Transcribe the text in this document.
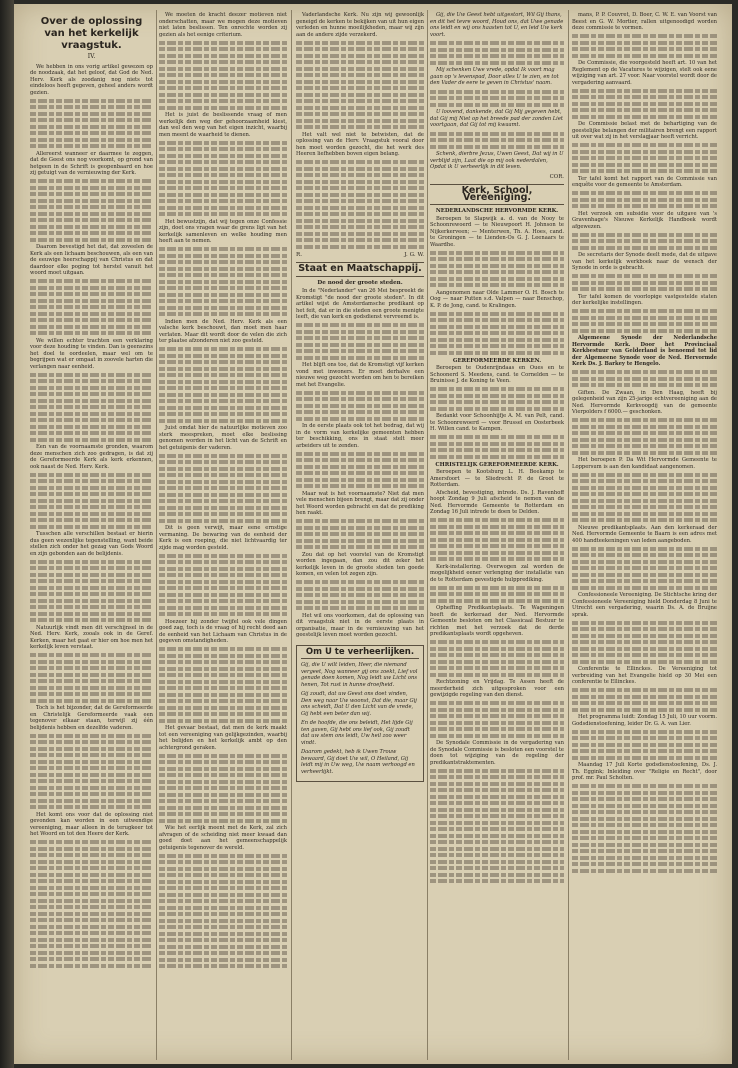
Over de oplossing van het kerkelijk vraagstuk.
IV.
We hebben in ons vorig artikel gewezen op de noodzaak, dat het geloof, dat God de Ned. Herv. Kerk als zoodanig nog niets tot eindeloos heeft gegeven, geheel anders wordt gezien.
Allereerst wanneer er daarmee te zeggen, dat de Geest ons nog voorkomt, op grond van hetgeen in de Schrift is geopenbaard en hoe zij getuigt van de vernieuwing der Kerk.
Daarom bevestigd het dat, dat zoveelen de Kerk als een lichaam beschouwen, als een van de eeuwige heerschappij van Christus en dat daardoor elke poging tot herstel vanuit het woord moet uitgaan.
We willen echter trachten een verklaring voor deze houding te vinden. Dan is geenszins het doel te oordeelen, maar wel om te begrijpen wat er omgaat in zoovele harten die verlangen naar eenheid.
Een van de voornaamste gronden, waarom deze menschen zich zoo gedragen, is dat zij de Gereformeerde Kerk als kerk erkennen, ook naast de Ned. Herv. Kerk.
Tusschen alle verschillen bestaat er hierin dus geen wezenlijke tegenstelling, want beide stellen zich onder het gezag van Gods Woord en zijn gebonden aan de belijdenis.
Natuurlijk vindt men dit verschijnsel in de Ned. Herv. Kerk, zooals ook in de Geref. Kerken, maar het gaat er hier om hoe men het kerkelijk leven verstaat.
Toch is het bijzonder, dat de Gereformeerde en Christelijk Gereformeerde vaak een tegenover elkaar staan, terwijl zij één belijdenis hebben en dezelfde vaderen.
Het komt ons voor dat de oplossing niet gevonden kan worden in een uitwendige vereeniging, maar alleen in de terugkeer tot het Woord en tot den Heere der Kerk.
We moeten de kracht deezer motieven niet onderschatten, maar we mogen deze motieven niet laten beslissen. Ten onrechte worden zij gezien als het eenige criterium.
Het is juist de beslissende vraag of men werkelijk den weg der gehoorzaamheid kiest, dan wel den weg van het eigen inzicht, waarbij men meent de waarheid te dienen.
Het bewustzijn, dat wij tegen onze Confessie zijn, doet ons vragen waar de grens ligt van het kerkelijk samenleven en welke houding men heeft aan te nemen.
Indien men de Ned. Herv. Kerk als een valsche kerk beschouwt, dan moet men haar verlaten. Maar dit wordt door de velen die zich ter plaatse afzonderen niet zoo gesteld.
Juist omdat hier de natuurlijke motieven zoo sterk meespreken, moet elke beslissing genomen worden in het licht van de Schrift en het getuigenis der vaderen.
Dit is geen verwijt, maar eene ernstige vermaning. De bewaring van de eenheid der Kerk is een roeping, die niet lichtvaardig ter zijde mag worden gesteld.
Hoezeer hij zonder twijfel ook vele dingen goed zag, toch is de vraag of hij recht deed aan de eenheid van het Lichaam van Christus in de gegeven omstandigheden.
Het gevaar bestaat, dat men de kerk maakt tot een vereeniging van gelijkgezinden, waarbij het belijden en het kerkelijk ambt op den achtergrond geraken.
Wie het eerlijk meent met de Kerk, zal zich afvragen of de scheiding niet meer kwaad dan goed doet aan het gemeenschappelijk getuigenis tegenover de wereld.
Vaderlandsche Kerk. Nu zijn wij gewoonlijk geneigd de kerken te bekijken van uit hun eigen verleden en hunne moeilijkheden, maar wij zijn aan de andere zijde verzekerd.
Het valt wel niet te betwisten, dat de oplossing van de Herv. Vraagstuk vooral door hen moet worden gezocht, die het werk des Heeren liefhebben boven eigen belang.
R.	J. G. W.
Staat en Maatschappij.
De nood der groote steden.
In de "Nederlander" van 26 Mei bespreekt de Kromstigt "de nood der groote steden". In dit artikel wijst de Amsterdamsche predikant op het feit, dat er in die steden een groote menigte leeft, die van kerk en godsdienst vervreemd is.
Het blijft ons toe, dat de Kromstigt vijf kerken vond met inwoners. Er moet derhalve een nieuwe weg gezocht worden om hen te bereiken met het Evangelie.
In de eerste plaats ook tot het bedrag, dat wij in de vorm van kerkelijke gemeenten hebben ter beschikking, ons in staat stelt meer arbeiders uit te zenden.
Maar wat is het voornaamste? Niet dat men vele menschen bijeen brengt, maar dat zij onder het Woord worden gebracht en dat de prediking hen raakt.
Zou dat op het voorstel van de Kromstigt worden ingegaan, dan zou dit zeker het kerkelijk leven in de groote steden ten goede komen, en velen tot zegen zijn.
Het wil ons voorkomen, dat de oplossing van dit vraagstuk niet in de eerste plaats in organisatie, maar in de vernieuwing van het geestelijk leven moet worden gezocht.
Om U te verheerlijken.

Gij, die U wilt leiden, Heer, die niemand vergeet, Nog wanneer gij ons zoekt, Lief vol genade doen komen, Nog leidt uw Licht ons henen, Tot rust in hunne droefheid.

Gij zoudt, dat uw Geest ons doet vinden, Den weg naar Uw woonst, Dat die, maar Gij ons scheidt, Dat U den Licht van de vrede, Gij hebt een beter dan wij.

En de hoofde, die ons beleidt, Het lijde Gij ten gaven, Gij hebt ons lief ook, Gij zoudt dat uw stem ons leidt, Uw heil zoo weer vindt.

Daarom gedekt, heb ik Uwen Trouw bewaard, Gij doet Uw wil, O Heiland, Gij leidt mij in Uw weg, Uw naam verhoogd en verheerlijkt.

Gij, die Uw Geest hebt uitgestort, Wil Gij thans, en dit het tevre woord, Houd ons, dat Uwe genade ons leidt en wij ons haasten tot U, en leid Uw kerk voort.

Mij schenken Uwe vrede, opdat Ik voort mag gaan op 's levenspad, Door alles U te zien, en tot den Vader de eere te geven in Christus' naam.

U loovend, dankende, dat Gij Mij gegeven hebt, dat Gij mij Niet op het breede pad der zonden Liet voortgaan, dat Gij tot mij kwaamt.

Schenk, dierbre Jezus, Uwen Geest, Dat wij in U verblijd zijn, Laat die op mij ook nederdalen, Opdat ik U verheerlijk in dit leven.

COR.
Kerk, School, Vereeniging.
NEDERLANDSCHE HERVORMDE KERK.
Beroepen te Slapwijk a. d. van de Nooy te Schoonrewoerd — te Nieuwpoort H. Johnson te Nijkerkerveen; — Menterwen, Th. A. Hoes, cand. te Groningen — te Lienden-Os G. J. Leenaars te Waardhe.
Aangenomen naar Olde Lammer O. H. Bosch te Oog — naar Putten s.d. Valpen — naar Benschop, K. P. de Jong, cand. te Kralingen.
GEREFORMEERDE KERKEN.
Beroepen te Oudenrijndaas en Oues en te Schoonerd S. Meedens, cand. te Cornelden — te Bruinisse J. de Koning te Veen.
Bedankt voor Schoonhijfje A. M. van Pelt, cand. te Schoonrewoerd — voor Brussel en Oosterbeek H. Willen cand. te Kampen.
CHRISTELIJK GEREFORMEERDE KERK.
Beroepen te Kootsburg L. H. Beekamp te Amersfoort — te Sliedrecht P. de Groot te Rotterdam.
Afscheid, bevestiging, intrede. Ds. J. Ravenhoff hoopt Zondag 9 Juli afscheid te nemen van de Ned. Hervormde Gemeente te Rotterdam en Zondag 16 Juli intrede te doen te Delden.
Kerk-installering. Overwogen zal worden de mogelijkheid eener verlenging der installatie van de te Rotterdam gevestigde hulpprediking.
Opheffing Predikantsplaats. Te Wageningen heeft de kerkeraad der Ned. Hervormde Gemeente besloten om het Classicaal Bestuur te richten met het verzoek dat de derde predikantsplaats wordt opgeheven.
Rechtzoning en Vrijdag. Te Assen heeft de meerderheid zich uitgesproken voor een gewijzigde regeling van den dienst.
De Synodale Commissie in de vergadering van de Synodale Commissie is besloten een voorstel te doen tot wijziging van de regeling der predikantstraktementen.
mans, P. P. Couvret, D. Boer, C. W. E. van Voorst van Beest en G. W. Mortier, rallen uitgenoodigd worden deze commissie te vormen.
De Commissie, die voorgesteld heeft art. 10 van het Reglement op de Vacatures te wijzigen, stelt ook eene wijziging van art. 27 voor. Naar voorstel wordt door de vergadering aanvaard.
De Commissie belast met de behartiging van de geestelijke belangen der militairen brengt een rapport uit over wat zij in het verslagjaar heeft verricht.
Ter tafel komt het rapport van de Commissie van enquête voor de gemeente te Amsterdam.
Het verzoek om subsidie voor de uitgave van 's Gravenhage's Nieuwe Kerkelijk Handboek wordt afgewezen.
De secretaris der Synode deelt mede, dat de uitgave van het kerkelijk werkboek naar de wensch der Synode in orde is gebracht.
Ter tafel komen de voorlopige vastgestelde staten der kerkelijke instellingen.
Algemeene Synode der Nederlandsche Hervormde Kerk. Door het Provinciaal Kerkbestuur van Gelderland is benoemd tot lid der Algemeene Synode voor de Ned. Hervormde Kerk Ds. J. Barkey te Hengelo.
Giften. De Zwaan, in Den Haag, heeft bij gelegenheid van zijn 25-jarige echtvereeniging aan de Ned. Hervormde Kerkvoogdij van de gemeente Vierpolders f 6000.— geschonken.
Het beroepen P. Da Wit Hervormde Gemeente te Loppersum is aan den kandidaat aangenomen.
Nieuwe predikantsplaats. Aan den kerkeraad der Ned. Hervormde Gemeente te Baarn is een adres met 400 handteekeningen van leden aangeboden.
Confessioneele Vereeniging. De Stichtsche kring der Confessioneele Vereeniging hield Donderdag 8 Juni te Utrecht een vergadering, waarin Ds. A. de Bruijne sprak.
Conferentie te Ellinckes. De Vereeniging tot verbreiding van het Evangelie hield op 30 Mei een conferentie te Ellinckes.
Het programma luidt: Zondag 15 Juli, 10 uur voorm. Godsdienstoefening, leider Dr. G. A. van Lier.
Maandag 17 Juli Korte godsdienstoefening, Ds. J. Th. Eggink; Inleiding over "Religie en Recht", door prof. mr. Paul Scholten.
